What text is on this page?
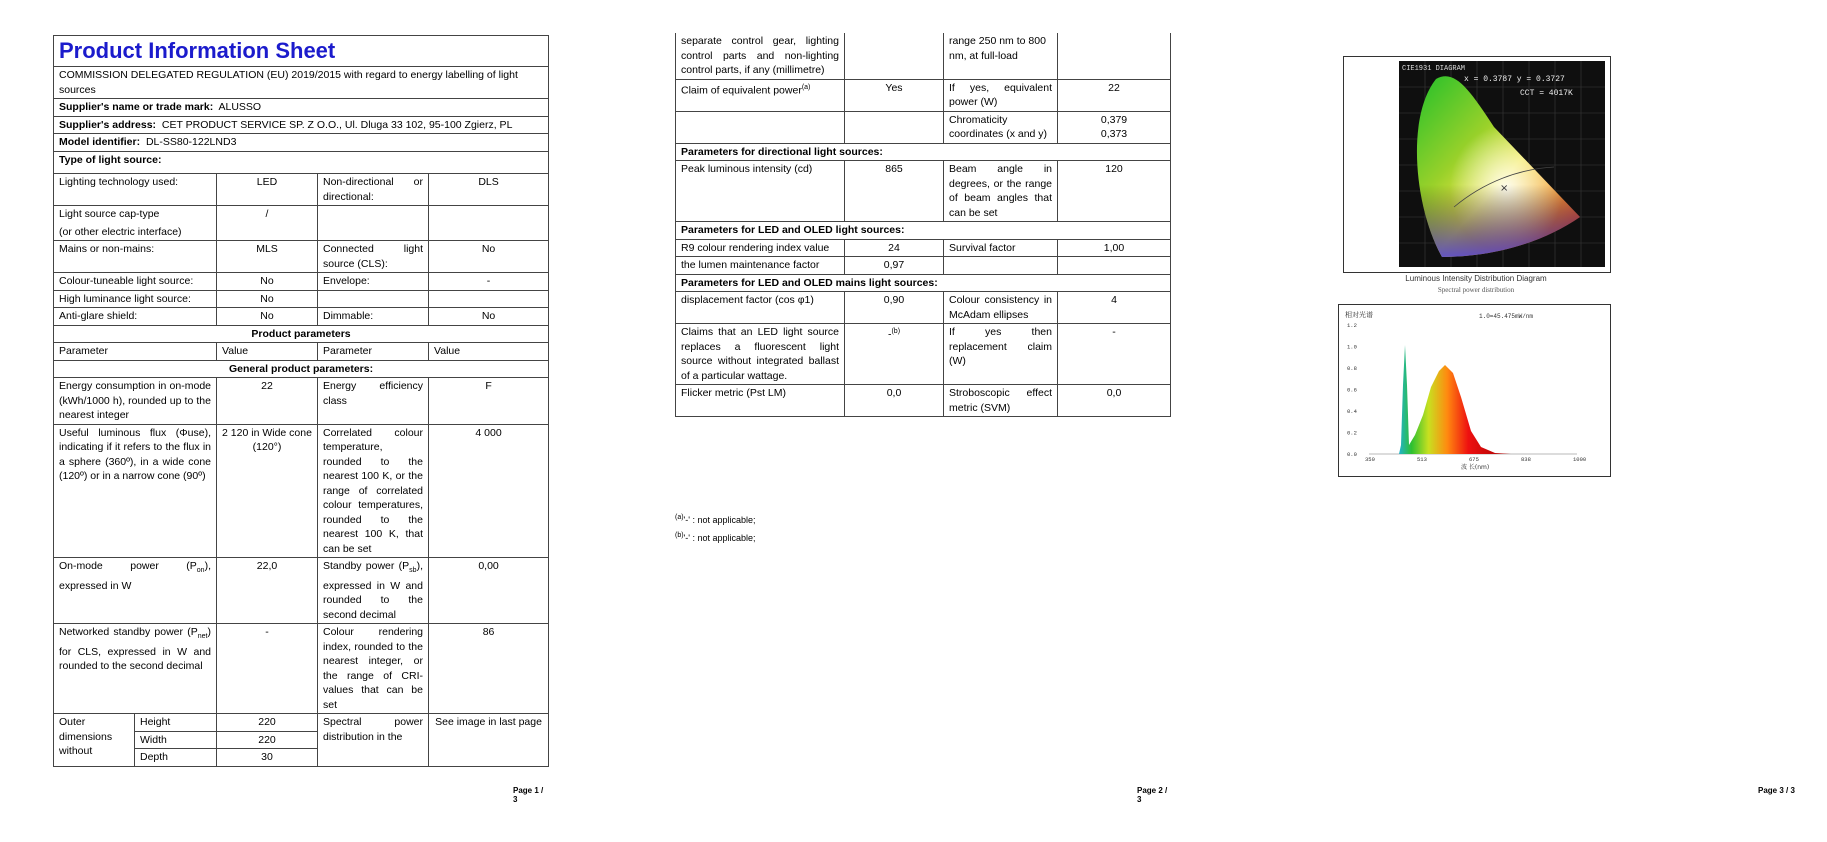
Product Information Sheet				
COMMISSION DELEGATED REGULATION (EU) 2019/2015 with regard to energy labelling of light sources				
Supplier's name or trade mark: ALUSSO				
Supplier's address: CET PRODUCT SERVICE SP. Z O.O., Ul. Dluga 33 102, 95-100 Zgierz, PL				
Model identifier: DL-SS80-122LND3				
Type of light source:				
Lighting technology used:		LED	Non-directional or directional:	DLS

Light source cap-type
(or other electric interface)		/		
Mains or non-mains:		MLS	Connected light source (CLS):	No
Colour-tuneable light source:		No	Envelope:	-
High luminance light source:		No		
Anti-glare shield:		No	Dimmable:	No
Product parameters				
Parameter		Value	Parameter	Value
General product parameters:				
Energy consumption in on-mode (kWh/1000 h), rounded up to the nearest integer		22	Energy efficiency class	F
Useful luminous flux (Φuse), indicating if it refers to the flux in a sphere (360º), in a wide cone (120º) or in a narrow cone (90º)		2 120 in Wide cone (120°)	Correlated colour temperature, rounded to the nearest 100 K, or the range of correlated colour temperatures, rounded to the nearest 100 K, that can be set	4 000
On-mode power $(P_{on})$, expressed in W		22,0	Standby power $(P_{sb})$, expressed in W and rounded to the second decimal	0,00
Networked standby power $(P_{net})$ for CLS, expressed in W and rounded to the second decimal		-	Colour rendering index, rounded to the nearest integer, or the range of CRI-values that can be set	86
Outer dimensions without	Height	220	Spectral power distribution in the	See image in last page
	Width	220		
	Depth	30		
Page 1 / 3
separate control gear, lighting control parts and non-lighting control parts, if any (millimetre)		range 250 nm to 800 nm, at full-load	
Claim of equivalent power$^{(a)}$	Yes	If yes, equivalent power (W)	22
		Chromaticity coordinates (x and y)	0,379
0,373

Parameters for directional light sources:			
Peak luminous intensity (cd)	865	Beam angle in degrees, or the range of beam angles that can be set	120
Parameters for LED and OLED light sources:			
R9 colour rendering index value	24	Survival factor	1,00
the lumen maintenance factor	0,97		
Parameters for LED and OLED mains light sources:			
displacement factor (cos φ1)	0,90	Colour consistency in McAdam ellipses	4
Claims that an LED light source replaces a fluorescent light source without integrated ballast of a particular wattage.	-$^{(b)}$	If yes then replacement claim (W)	-
Flicker metric (Pst LM)	0,0	Stroboscopic effect metric (SVM)	0,0
$^{(a)}$'-' : not applicable;
$^{(b)}$'-' : not applicable;
Page 2 / 3
×
CIE1931 DIAGRAM
x = 0.3787 y = 0.3727
CCT = 4017K
Luminous Intensity Distribution Diagram
Spectral power distribution
相对光谱	1.0=45.475mW/nm
1.2
1.0
0.8
0.6
0.4
0.2
0.0
350	513	675	838	1000
波 长(nm)
Page 3 / 3
